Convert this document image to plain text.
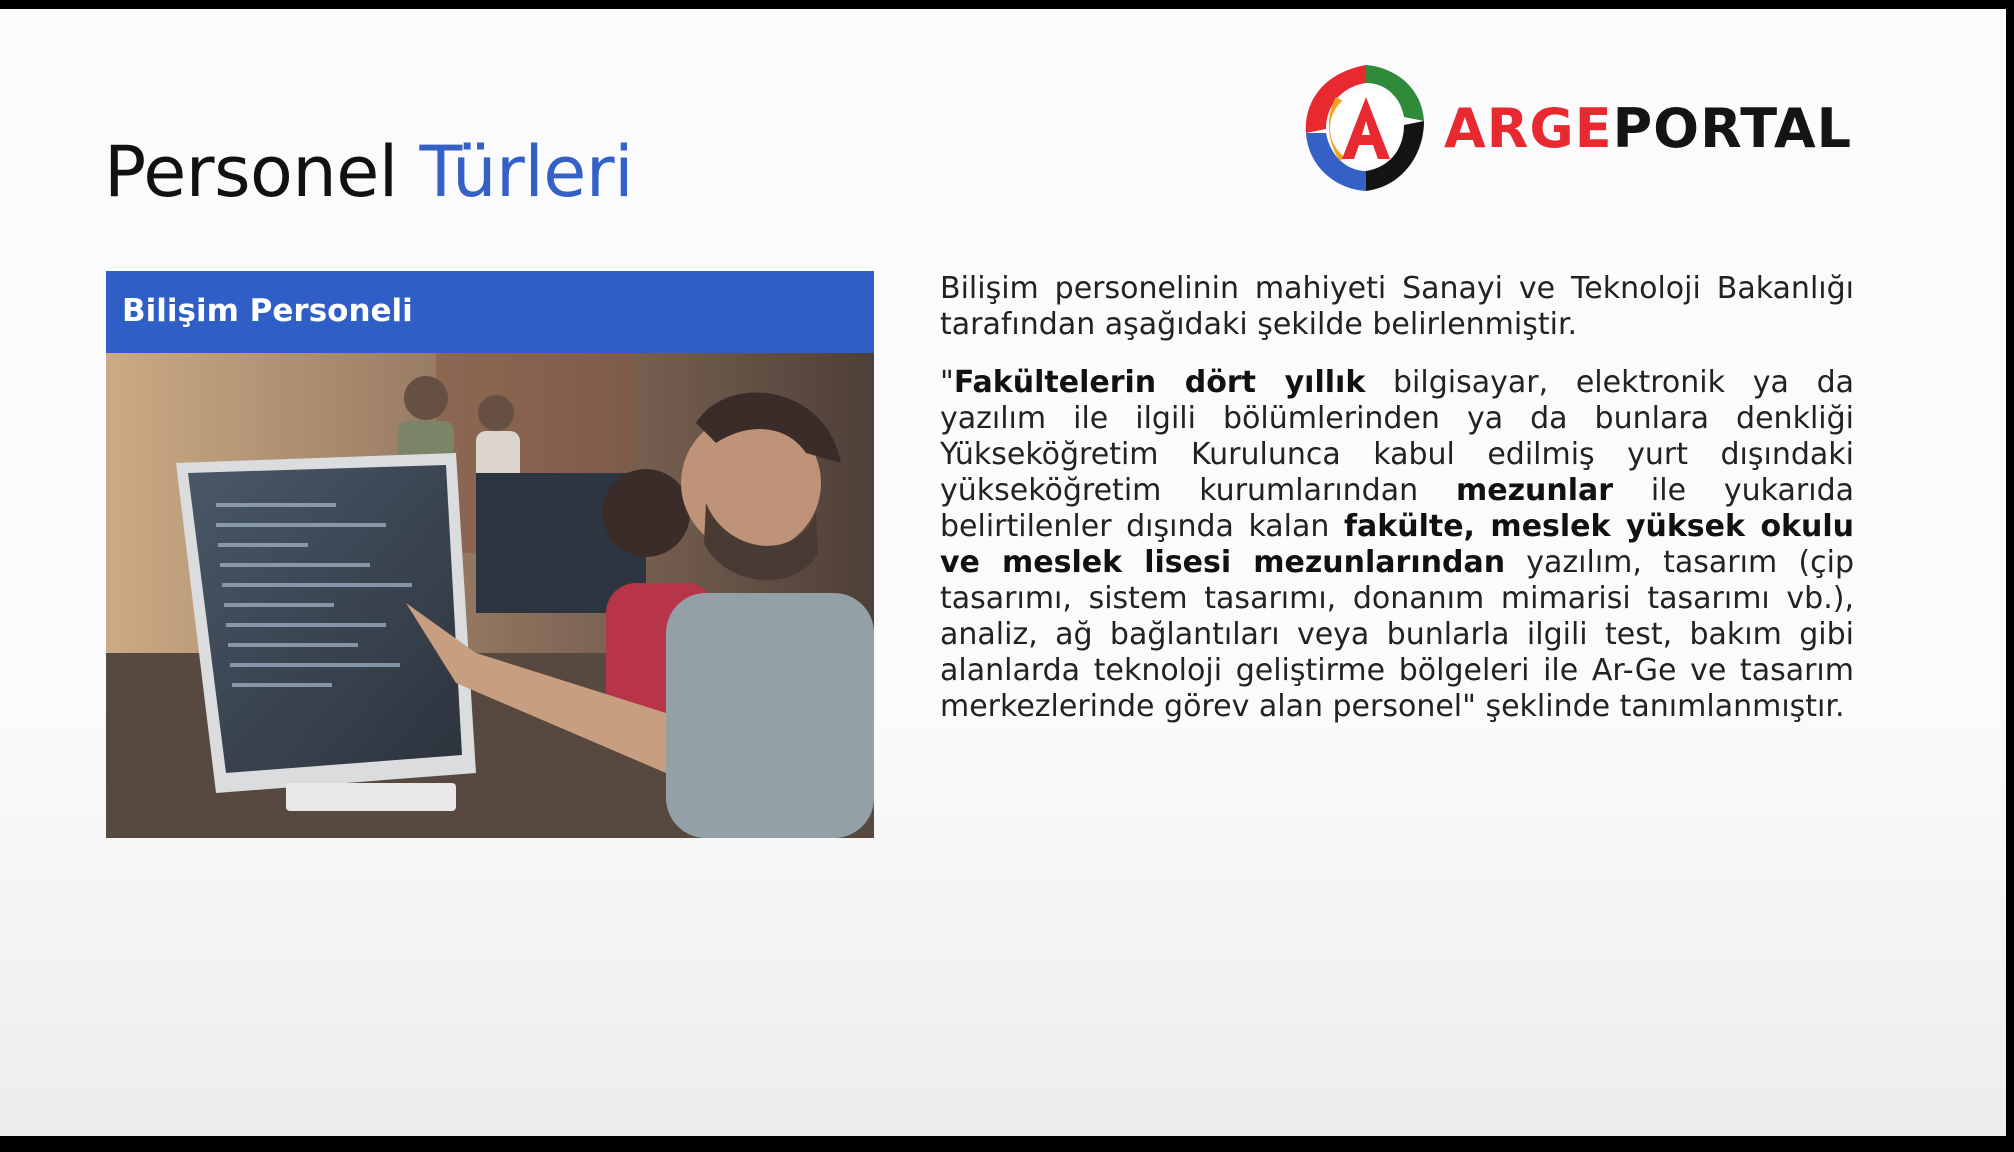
Personel Türleri
ARGEPORTAL
Bilişim Personeli

Bilişim personelinin mahiyeti Sanayi ve Teknoloji Bakanlığı tarafından aşağıdaki şekilde belirlenmiştir.

"Fakültelerin dört yıllık bilgisayar, elektronik ya da yazılım ile ilgili bölümlerinden ya da bunlara denkliği Yükseköğretim Kurulunca kabul edilmiş yurt dışındaki yükseköğretim kurumlarından mezunlar ile yukarıda belirtilenler dışında kalan fakülte, meslek yüksek okulu ve meslek lisesi mezunlarından yazılım, tasarım (çip tasarımı, sistem tasarımı, donanım mimarisi tasarımı vb.), analiz, ağ bağlantıları veya bunlarla ilgili test, bakım gibi alanlarda teknoloji geliştirme bölgeleri ile Ar-Ge ve tasarım merkezlerinde görev alan personel" şeklinde tanımlanmıştır.
